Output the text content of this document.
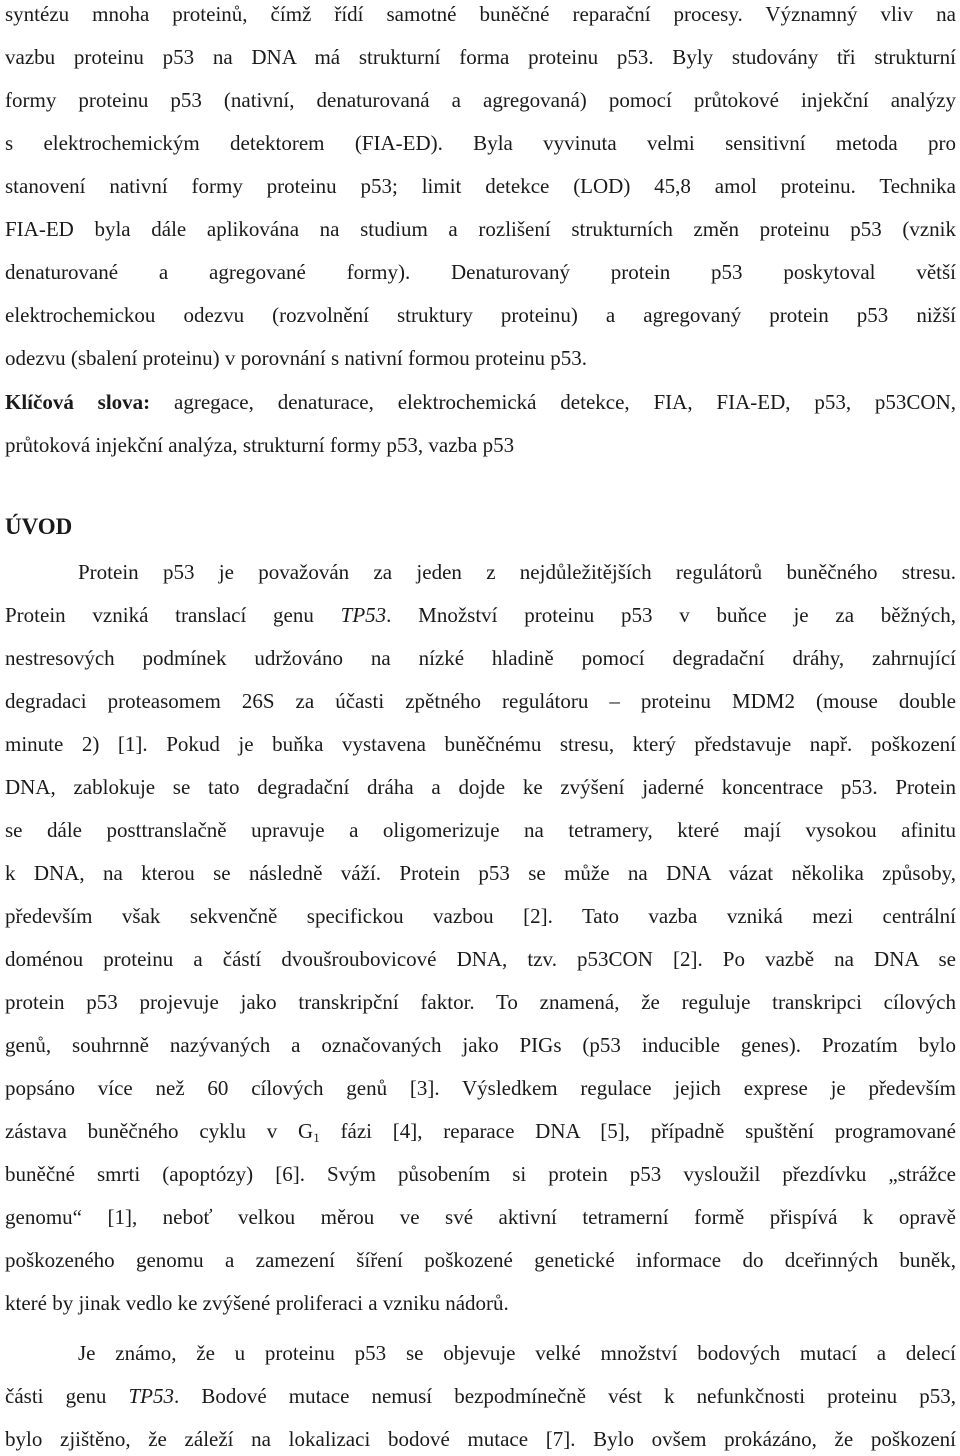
syntézu mnoha proteinů, čímž řídí samotné buněčné reparační procesy. Významný vliv na
vazbu proteinu p53 na DNA má strukturní forma proteinu p53. Byly studovány tři strukturní
formy proteinu p53 (nativní, denaturovaná a agregovaná) pomocí průtokové injekční analýzy
s elektrochemickým detektorem (FIA-ED). Byla vyvinuta velmi sensitivní metoda pro
stanovení nativní formy proteinu p53; limit detekce (LOD) 45,8 amol proteinu. Technika
FIA-ED byla dále aplikována na studium a rozlišení strukturních změn proteinu p53 (vznik
denaturované a agregované formy). Denaturovaný protein p53 poskytoval větší
elektrochemickou odezvu (rozvolnění struktury proteinu) a agregovaný protein p53 nižší
odezvu (sbalení proteinu) v porovnání s nativní formou proteinu p53.
Klíčová slova: agregace, denaturace, elektrochemická detekce, FIA, FIA-ED, p53, p53CON,
průtoková injekční analýza, strukturní formy p53, vazba p53
ÚVOD
Protein p53 je považován za jeden z nejdůležitějších regulátorů buněčného stresu.
Protein vzniká translací genu TP53. Množství proteinu p53 v buňce je za běžných,
nestresových podmínek udržováno na nízké hladině pomocí degradační dráhy, zahrnující
degradaci proteasomem 26S za účasti zpětného regulátoru – proteinu MDM2 (mouse double
minute 2) [1]. Pokud je buňka vystavena buněčnému stresu, který představuje např. poškození
DNA, zablokuje se tato degradační dráha a dojde ke zvýšení jaderné koncentrace p53. Protein
se dále posttranslačně upravuje a oligomerizuje na tetramery, které mají vysokou afinitu
k DNA, na kterou se následně váží. Protein p53 se může na DNA vázat několika způsoby,
především však sekvenčně specifickou vazbou [2]. Tato vazba vzniká mezi centrální
doménou proteinu a částí dvoušroubovicové DNA, tzv. p53CON [2]. Po vazbě na DNA se
protein p53 projevuje jako transkripční faktor. To znamená, že reguluje transkripci cílových
genů, souhrnně nazývaných a označovaných jako PIGs (p53 inducible genes). Prozatím bylo
popsáno více než 60 cílových genů [3]. Výsledkem regulace jejich exprese je především
zástava buněčného cyklu v $G_1$ fázi [4], reparace DNA [5], případně spuštění programované
buněčné smrti (apoptózy) [6]. Svým působením si protein p53 vysloužil přezdívku „strážce
genomu“ [1], neboť velkou měrou ve své aktivní tetramerní formě přispívá k opravě
poškozeného genomu a zamezení šíření poškozené genetické informace do dceřinných buněk,
které by jinak vedlo ke zvýšené proliferaci a vzniku nádorů.
Je známo, že u proteinu p53 se objevuje velké množství bodových mutací a delecí
části genu TP53. Bodové mutace nemusí bezpodmínečně vést k nefunkčnosti proteinu p53,
bylo zjištěno, že záleží na lokalizaci bodové mutace [7]. Bylo ovšem prokázáno, že poškození
